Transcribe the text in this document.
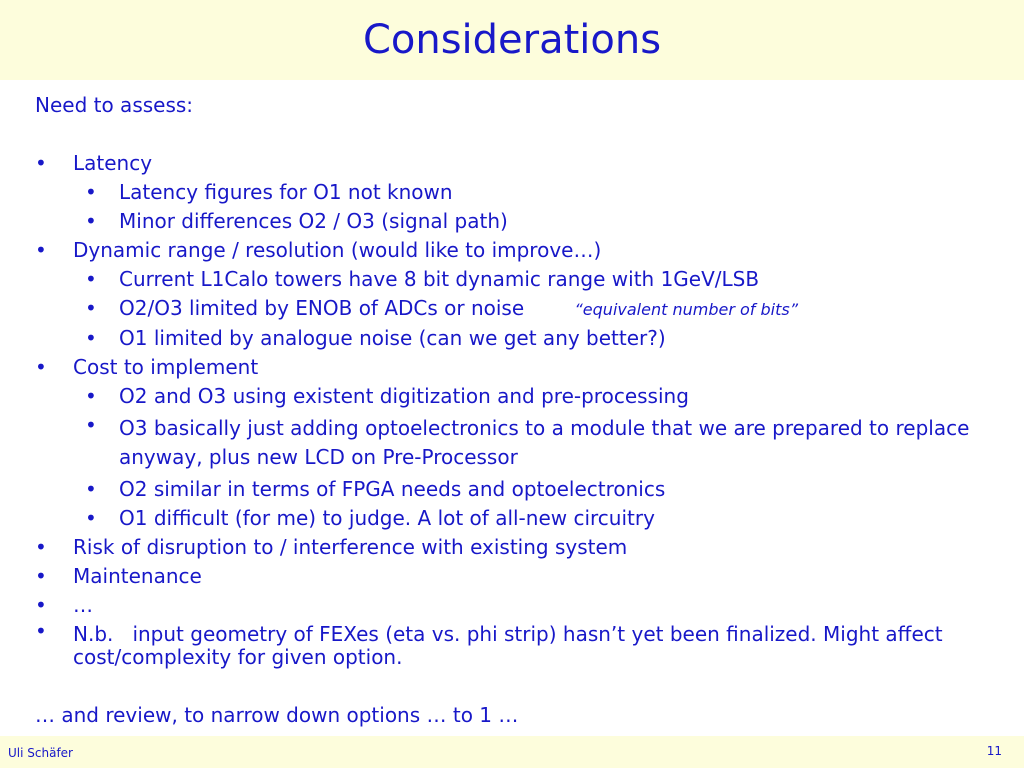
Considerations
Need to assess:
• Latency
• Latency figures for O1 not known
• Minor differences O2 / O3 (signal path)
• Dynamic range / resolution (would like to improve…)
• Current L1Calo towers have 8 bit dynamic range with 1GeV/LSB
• O2/O3 limited by ENOB of ADCs or noise	“equivalent number of bits”
• O1 limited by analogue noise (can we get any better?)
• Cost to implement
• O2 and O3 using existent digitization and pre-processing
• O3 basically just adding optoelectronics to a module that we are prepared to replace anyway, plus new LCD on Pre-Processor
• O2 similar in terms of FPGA needs and optoelectronics
• O1 difficult (for me) to judge. A lot of all-new circuitry
• Risk of disruption to / interference with existing system
• Maintenance
• …
• N.b.   input geometry of FEXes (eta vs. phi strip) hasn’t yet been finalized. Might affect cost/complexity for given option.
… and review, to narrow down options … to 1 …
Uli Schäfer	11
